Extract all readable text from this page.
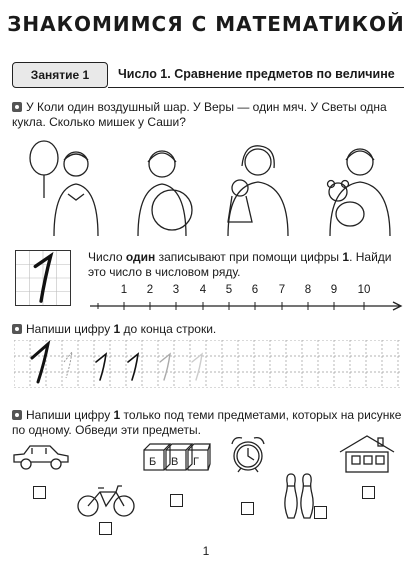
ЗНАКОМИМСЯ С МАТЕМАТИКОЙ
Занятие 1	Число 1. Сравнение предметов по величине
У Коли один воздушный шар. У Веры — один мяч. У Светы одна кукла. Сколько мишек у Саши?
Число один записывают при помощи цифры 1. Найди это число в числовом ряду.
1 2 3 4 5 6 7 8 9 10
Напиши цифру 1 до конца строки.
Напиши цифру 1 только под теми предметами, которых на рисунке по одному. Обведи эти предметы.
Б В Г
1
